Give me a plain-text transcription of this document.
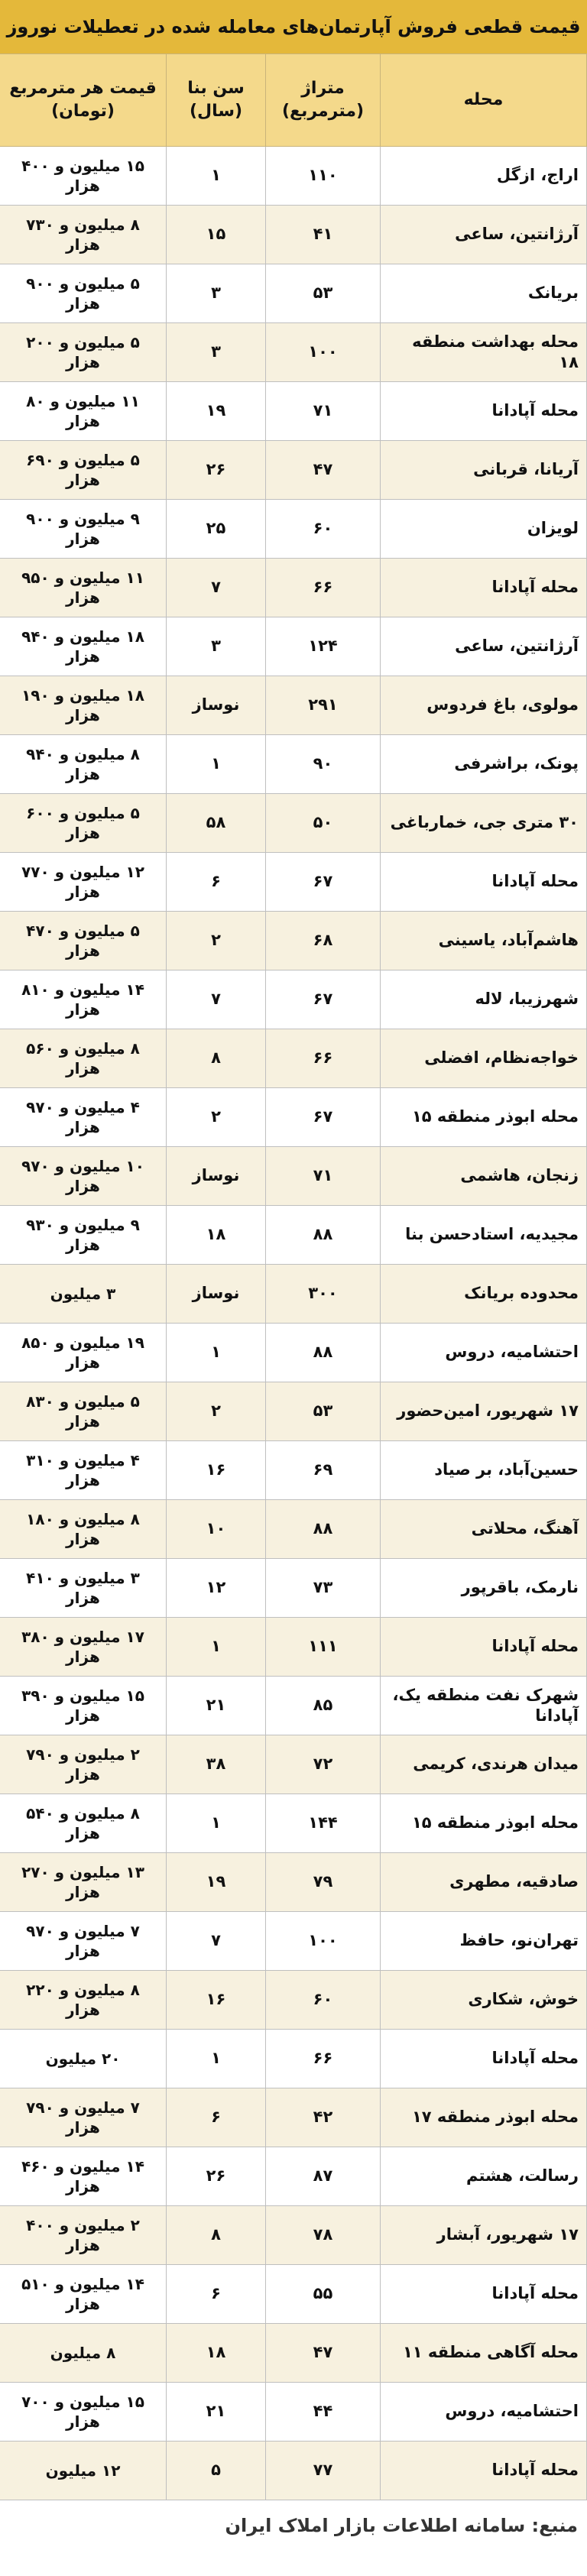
قیمت قطعی فروش آپارتمان‌های معامله شده در تعطیلات نوروز
محله	متراژ (مترمربع)	سن بنا (سال)	قیمت هر مترمربع (تومان)
اراج، ازگل	۱۱۰	۱	۱۵ میلیون و ۴۰۰ هزار
آرژانتین، ساعی	۴۱	۱۵	۸ میلیون و ۷۳۰ هزار
بریانک	۵۳	۳	۵ میلیون و ۹۰۰ هزار
محله بهداشت منطقه ۱۸	۱۰۰	۳	۵ میلیون و ۲۰۰ هزار
محله آپادانا	۷۱	۱۹	۱۱ میلیون و ۸۰ هزار
آریانا، قربانی	۴۷	۲۶	۵ میلیون و ۶۹۰ هزار
لویزان	۶۰	۲۵	۹ میلیون و ۹۰۰ هزار
محله آپادانا	۶۶	۷	۱۱ میلیون و ۹۵۰ هزار
آرژانتین، ساعی	۱۲۴	۳	۱۸ میلیون و ۹۴۰ هزار
مولوی، باغ فردوس	۲۹۱	نوساز	۱۸ میلیون و ۱۹۰ هزار
پونک، براشرفی	۹۰	۱	۸ میلیون و ۹۴۰ هزار
۳۰ متری جی، خمارباغی	۵۰	۵۸	۵ میلیون و ۶۰۰ هزار
محله آپادانا	۶۷	۶	۱۲ میلیون و ۷۷۰ هزار
هاشم‌آباد، یاسینی	۶۸	۲	۵ میلیون و ۴۷۰ هزار
شهرزیبا، لاله	۶۷	۷	۱۴ میلیون و ۸۱۰ هزار
خواجه‌نظام، افضلی	۶۶	۸	۸ میلیون و ۵۶۰ هزار
محله ابوذر منطقه ۱۵	۶۷	۲	۴ میلیون و ۹۷۰ هزار
زنجان، هاشمی	۷۱	نوساز	۱۰ میلیون و ۹۷۰ هزار
مجیدیه، استادحسن بنا	۸۸	۱۸	۹ میلیون و ۹۳۰ هزار
محدوده بریانک	۳۰۰	نوساز	۳ میلیون
احتشامیه، دروس	۸۸	۱	۱۹ میلیون و ۸۵۰ هزار
۱۷ شهریور، امین‌حضور	۵۳	۲	۵ میلیون و ۸۳۰ هزار
حسین‌آباد، بر صیاد	۶۹	۱۶	۴ میلیون و ۳۱۰ هزار
آهنگ، محلاتی	۸۸	۱۰	۸ میلیون و ۱۸۰ هزار
نارمک، باقرپور	۷۳	۱۲	۳ میلیون و ۴۱۰ هزار
محله آپادانا	۱۱۱	۱	۱۷ میلیون و ۳۸۰ هزار
شهرک نفت منطقه یک، آپادانا	۸۵	۲۱	۱۵ میلیون و ۳۹۰ هزار
میدان هرندی، کریمی	۷۲	۳۸	۲ میلیون و ۷۹۰ هزار
محله ابوذر منطقه ۱۵	۱۴۴	۱	۸ میلیون و ۵۴۰ هزار
صادقیه، مطهری	۷۹	۱۹	۱۳ میلیون و ۲۷۰ هزار
تهران‌نو، حافظ	۱۰۰	۷	۷ میلیون و ۹۷۰ هزار
خوش، شکاری	۶۰	۱۶	۸ میلیون و ۲۲۰ هزار
محله آپادانا	۶۶	۱	۲۰ میلیون
محله ابوذر منطقه ۱۷	۴۲	۶	۷ میلیون و ۷۹۰ هزار
رسالت، هشتم	۸۷	۲۶	۱۴ میلیون و ۴۶۰ هزار
۱۷ شهریور، آبشار	۷۸	۸	۲ میلیون و ۴۰۰ هزار
محله آپادانا	۵۵	۶	۱۴ میلیون و ۵۱۰ هزار
محله آگاهی منطقه ۱۱	۴۷	۱۸	۸ میلیون
احتشامیه، دروس	۴۴	۲۱	۱۵ میلیون و ۷۰۰ هزار
محله آپادانا	۷۷	۵	۱۲ میلیون
منبع: سامانه اطلاعات بازار املاک ایران
